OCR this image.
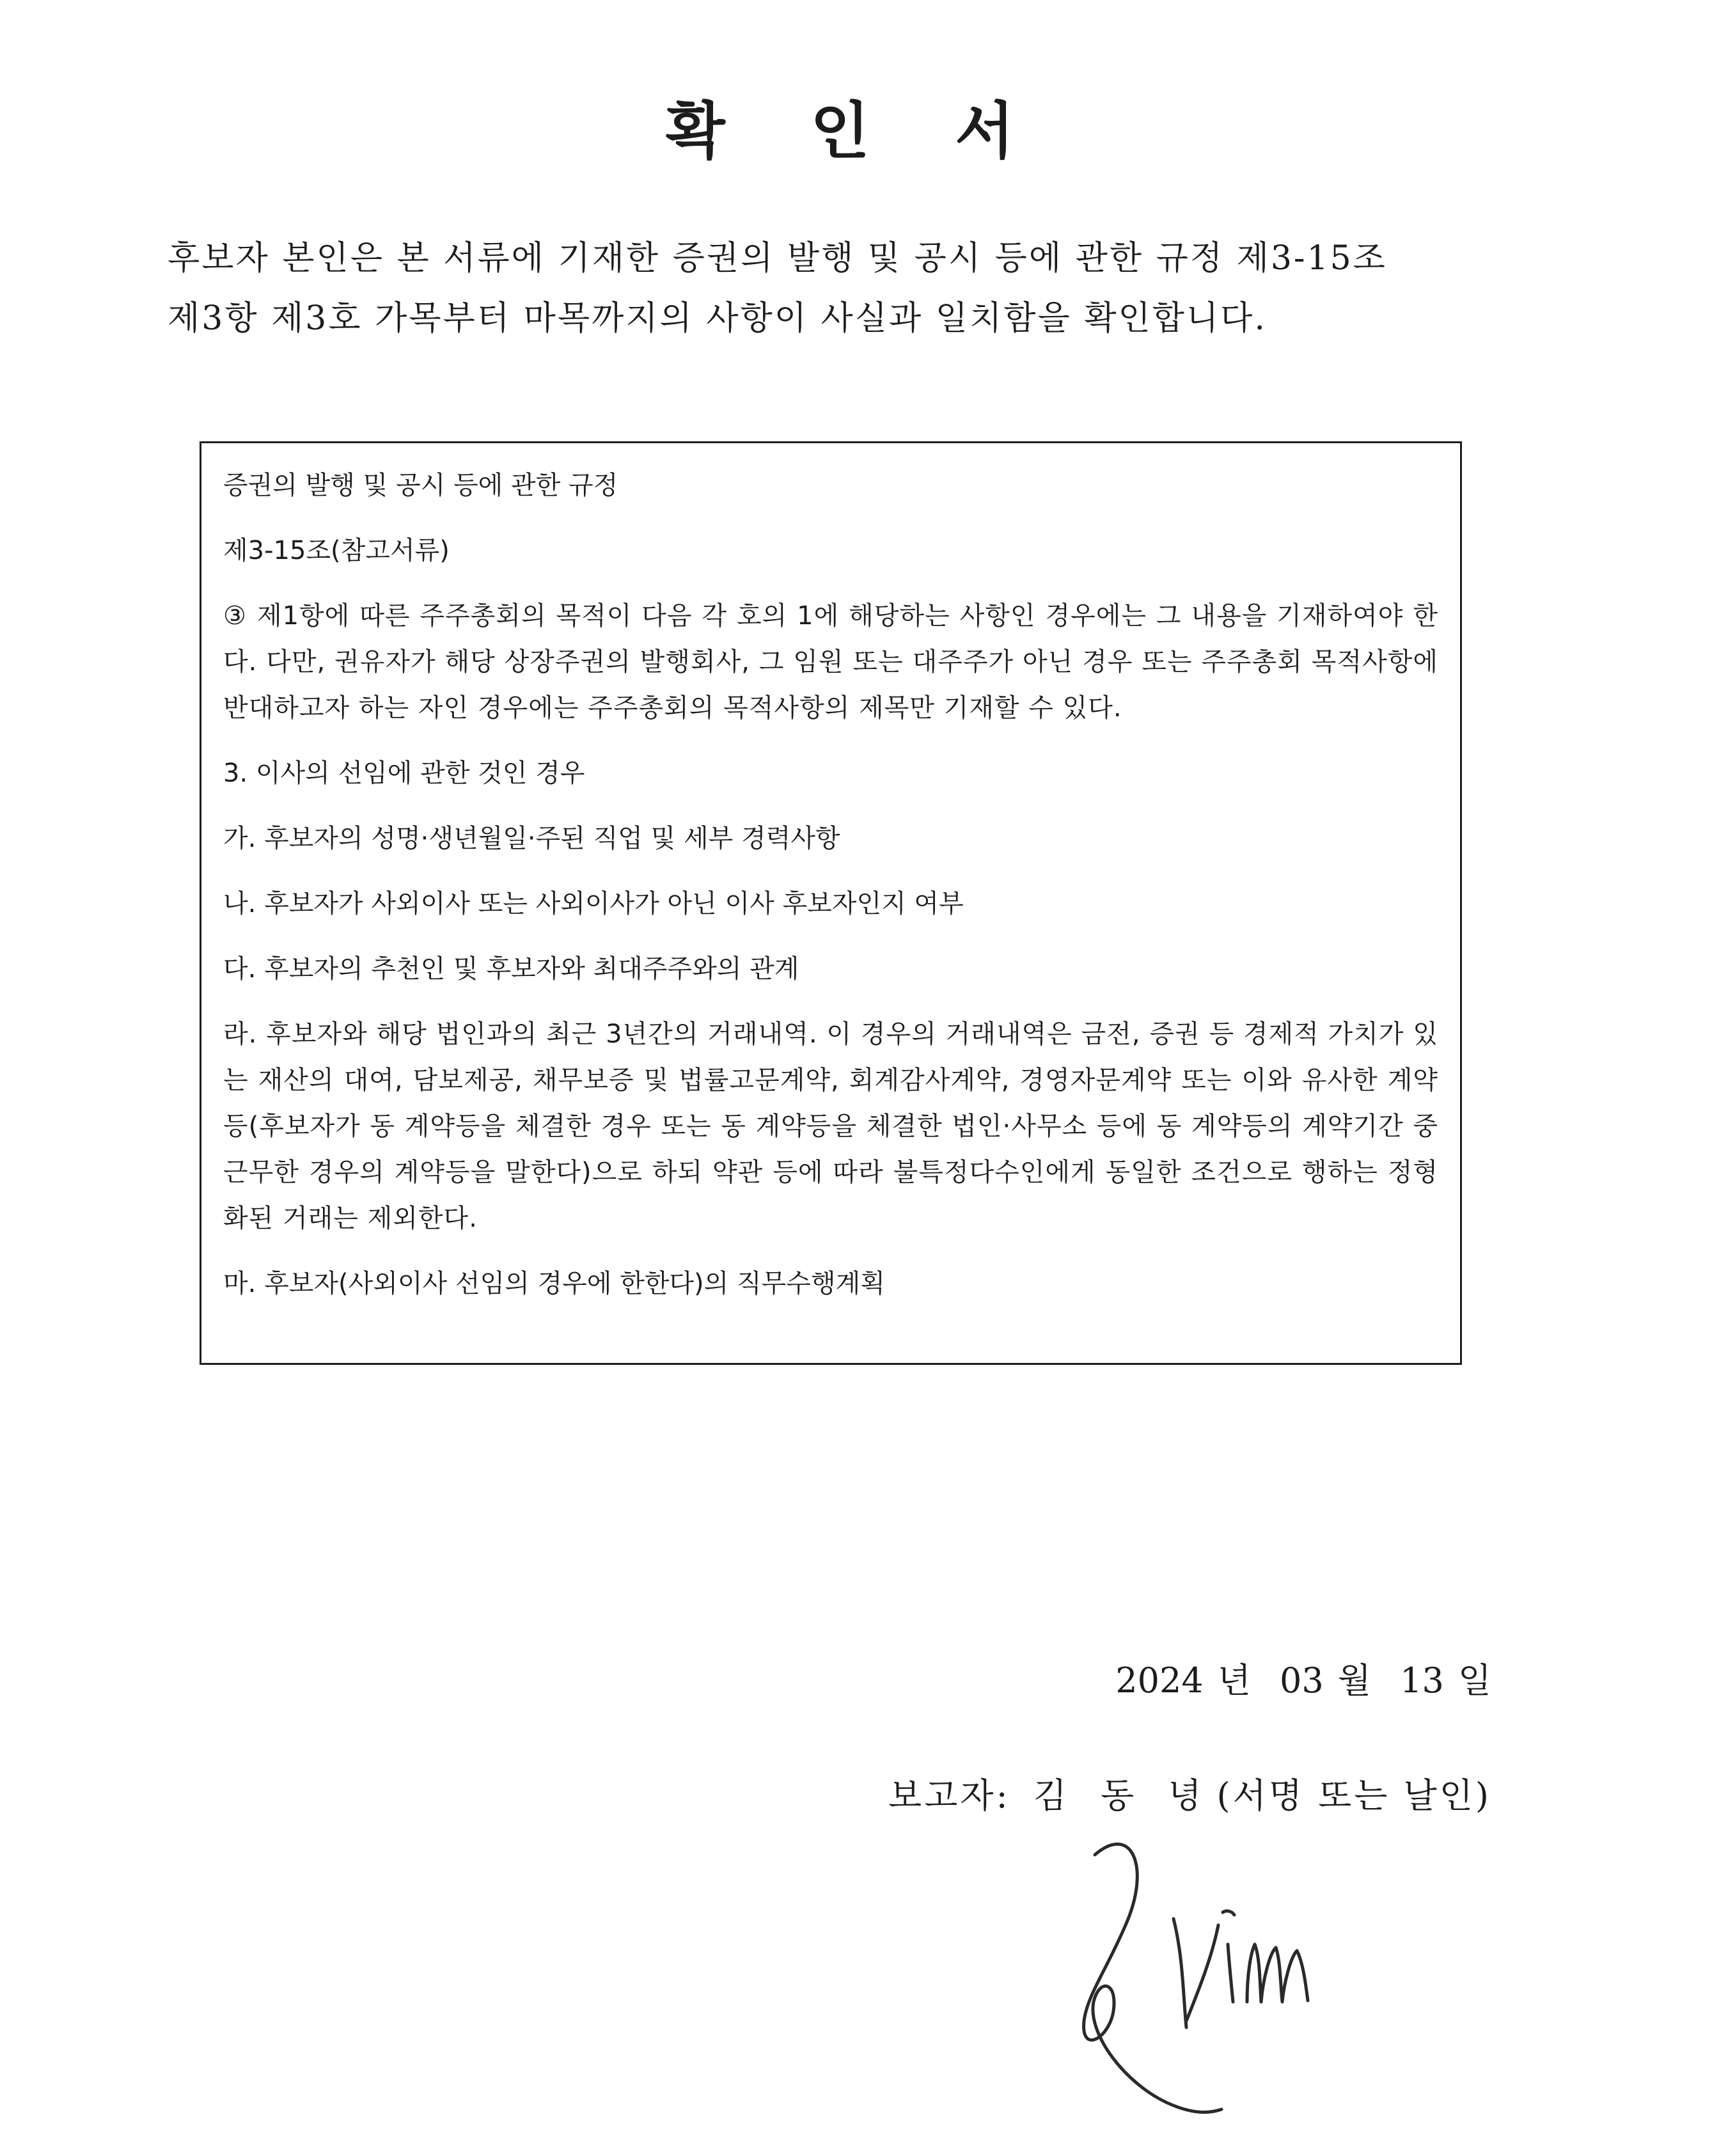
확 인 서

후보자 본인은 본 서류에 기재한 증권의 발행 및 공시 등에 관한 규정 제3-15조

제3항 제3호 가목부터 마목까지의 사항이 사실과 일치함을 확인합니다.

증권의 발행 및 공시 등에 관한 규정

제3-15조(참고서류)

③ 제1항에 따른 주주총회의 목적이 다음 각 호의 1에 해당하는 사항인 경우에는 그 내용을 기재하여야 한다. 다만, 권유자가 해당 상장주권의 발행회사, 그 임원 또는 대주주가 아닌 경우 또는 주주총회 목적사항에 반대하고자 하는 자인 경우에는 주주총회의 목적사항의 제목만 기재할 수 있다.

3. 이사의 선임에 관한 것인 경우

가. 후보자의 성명·생년월일·주된 직업 및 세부 경력사항

나. 후보자가 사외이사 또는 사외이사가 아닌 이사 후보자인지 여부

다. 후보자의 추천인 및 후보자와 최대주주와의 관계

라. 후보자와 해당 법인과의 최근 3년간의 거래내역. 이 경우의 거래내역은 금전, 증권 등 경제적 가치가 있는 재산의 대여, 담보제공, 채무보증 및 법률고문계약, 회계감사계약, 경영자문계약 또는 이와 유사한 계약등(후보자가 동 계약등을 체결한 경우 또는 동 계약등을 체결한 법인·사무소 등에 동 계약등의 계약기간 중 근무한 경우의 계약등을 말한다)으로 하되 약관 등에 따라 불특정다수인에게 동일한 조건으로 행하는 정형화된 거래는 제외한다.

마. 후보자(사외이사 선임의 경우에 한한다)의 직무수행계획

2024 년 03 월 13 일
보고자: 김 동 녕 (서명 또는 날인)
